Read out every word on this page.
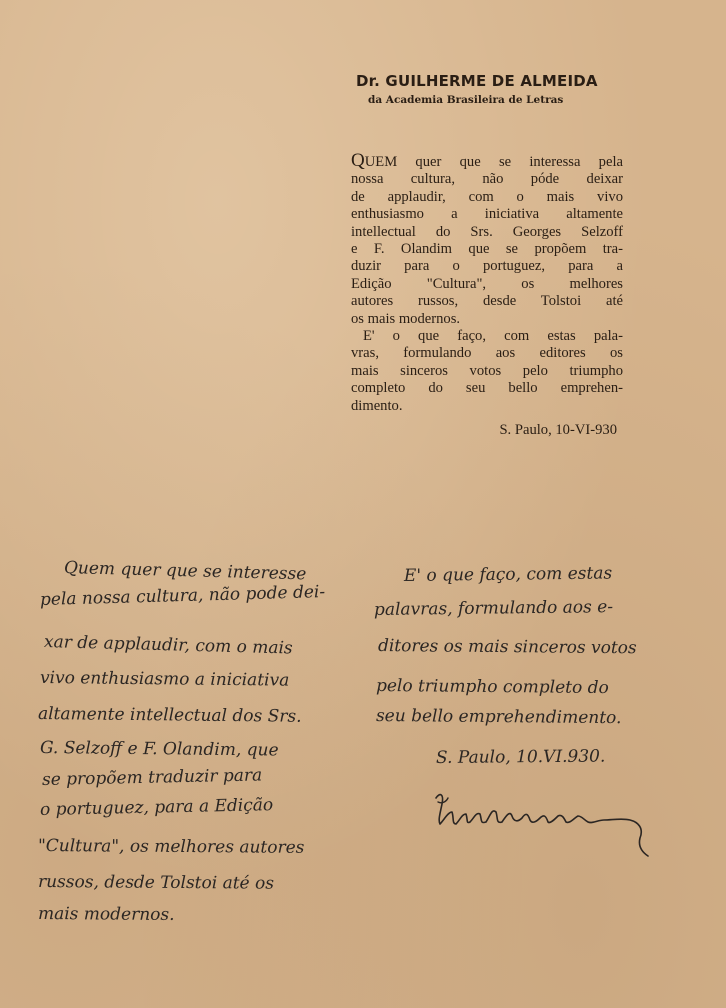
Dr. GUILHERME DE ALMEIDA
da Academia Brasileira de Letras

QUEM quer que se interessa pela
nossa cultura, não póde deixar
de applaudir, com o mais vivo
enthusiasmo a iniciativa altamente
intellectual do Srs. Georges Selzoff
e F. Olandim que se propõem tra-
duzir para o portuguez, para a
Edição "Cultura", os melhores
autores russos, desde Tolstoi até
os mais modernos.

E' o que faço, com estas pala-
vras, formulando aos editores os
mais sinceros votos pelo triumpho
completo do seu bello emprehen-
dimento.

S. Paulo, 10-VI-930
Quem quer que se interesse
pela nossa cultura, não pode dei-
xar de applaudir, com o mais
vivo enthusiasmo a iniciativa
altamente intellectual dos Srs.
G. Selzoff e F. Olandim, que
se propõem traduzir para
o portuguez, para a Edição
"Cultura", os melhores autores
russos, desde Tolstoi até os
mais modernos.
E' o que faço, com estas
palavras, formulando aos e-
ditores os mais sinceros votos
pelo triumpho completo do
seu bello emprehendimento.
S. Paulo, 10.VI.930.
